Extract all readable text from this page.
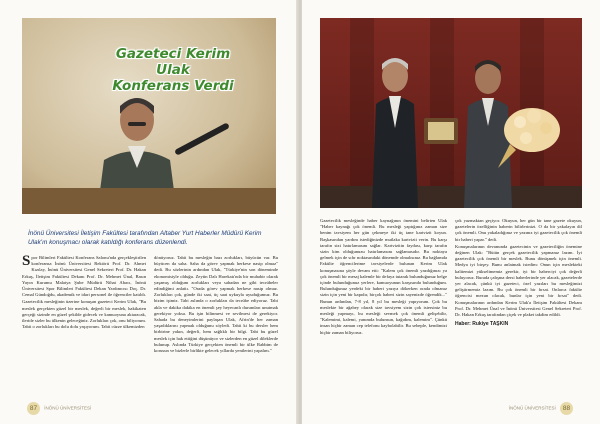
Gazeteci Kerim Ulak
Konferans Verdi

İnönü Üniversitesi İletişim Fakültesi tarafından Altaber Yurt Haberler Müdürü Kerim Ulak'ın konuşmacı olarak katıldığı konferans düzenlendi.

Spor Bilimleri Fakültesi Konferans Salonu'nda gerçekleştirilen konferansa İnönü Üniversitesi Rektörü Prof. Dr. Ahmet Kızılay, İnönü Üniversitesi Genel Sekreteri Prof. Dr. Hakan Erkuş, İletişim Fakültesi Dekanı Prof. Dr. Mehmet Ünal, Basın Yayın Kurumu Malatya Şube Müdürü Nihat Abacı, İnönü Üniversitesi Spor Bilimleri Fakültesi Dekan Yardımcısı Doç. Dr. Cemal Gündoğdu, akademik ve idari personel ile öğrenciler katıldı.

Gazetecilik mesleğinin üzerine konuşan gazeteci Kerim Ulak, "Bu meslek gerçekten güzel bir meslek, değerli bir meslek, hakikaten gerçeği sizinde en güzel şekilde gidecek ve kamuoyuna aktaracak, ileride sizler bu ülkenin geleceğiniz. Zorlukları çok, onu biliyorum. Tabii o zorlukları bu dolu dolu yaşıyorum. Tabii cüzze ülkemizden

dönüyoruz. Tabii bu mesleğin bazı zorlukları, büyücün var. Bu büyücen da saha. Saha da görev yapmak herkese nasip olmaz" dedi. Bu sözlerinin ardından Ulak, "Türkiye'nin son döneminde ekonomisiyle olduğu. Zeytin Dalı Harekatı'nda bir muhabir olarak yaşamış olduğum zorlukları veya sahadan ne gibi tecrübeler edindiğimi anlattı. "Orada görev yapmak herkese nasip olmaz. Zorlukları çok, günde iki saat, üç saat uykuyla uyuduğumuz. Bu bizim işimiz. Tabi aslında o zorlukları da tecrübe ediyoruz. Tabi akla ve dakika dakika en önemli şey heyecanlı durumları unutmak gerekiyor yoksa. Bu işin bilinmesi ve sevilmesi de gerekiyor. Sahada bu deneyimlerini paylaşan Ulak, Afrin'de her zaman yaşadıklarını yapmak olduğunu söyledi. Tabii ki bu dersler hem birbirine yakın, değerli, hem sağlıklı bir bilgi. Tabi bu güzel meslek için hak ettiğini düşünüyor ve sizlerden en güzel dileklerde bulunup. Aslında Türkiye gerçekten önemli bir ülke Rabbim de korusun ve bizlerle birlikte gelecek yıllarda yenilerini yapalım."

87 İNÖNÜ ÜNİVERSİTESİ

Gazetecilik mesleğinde haber kaynağının önemini belirten Ulak "Haber kaynağı çok önemli. Bu mesleği yaptığınız zaman size benim tavsiyem her gün çekmeye iki üç tane kartvizit koyun. Başkasından yardım istediğinizde mutlaka kartvizit verin. Bu karşı tarafın sizi hatırlamasını sağlar. Kartvizitin faydası, karşı tarafın sizin kim olduğunuzu hatırlamasını sağlamasıdır. Bu noktaya gelmek için de sıfır noktasındaki dönemde olmalısınız. Bu bağlamda Fakülte öğrencilerime tavsiyelerde bulunan Kerim Ulak konuşmasına şöyle devam etti: "Kalem çok önemli yazdığınızı ya çok önemli bir mesaj kalemle bir defaya tutarak bulunduğunuz belge içinde bulunduğunuz yerlere, kamuoyunun karşısında bulunduğum. Bulunduğunuz yerdeki bir haberi yazıya dökerken orada olmanız sizin için yeni bir kapıdır, birçok haberi sizin sayenizde öğrendik..." Bunun ardından, 7-8 yıl, 8 yıl bu mesleği yapıyorum. Çok bu meslekte bir ağabey olarak size tavsiyem sizin çok istersiniz bu mesleği yapmayı, bu mesleği sevmek çok önemli gelişebilir, "Kalemimi, kalemi, yanımda bulunsun, kağıdım, kalemim". Çünkü insan hiçbir zaman cep telefonu kaybolabilir. Bu sebeple, kendimizi hiçbir zaman biliyoruz.

çok yazmaktan geçiyor. Okuyun, her gün bir tane gazete okuyun, gazetelerin özelliğinin haberin bilirlerinizi. O da bir yakalayın dil çok önemli. Onu yakaladığınız ve yazınız iyi gazetecilik çok önemli bir haberi yapar." dedi.

Konuşmalarının devamında gazetecinin ve gazeteciliğin önemine değinen Ulak: "Bütün gerçek gazetecilik yapmanız lazım. İyi gazetecilik çok önemli bir meslek. Bunu dönüşmek için önemli. Medya iyi birşey. Bunu anlatmak istedim: Onun için meslekteki kalitemizi yükseltmemiz gerekir, iyi bir haberciyi çok değerli buluyoruz. Burada çalışma dersi haberlerinde yer alacak, gazetelerde yer alacak, çünkü iyi gazeteci, özel yazıları bu mesleğimizi geliştirmemiz lazım. Bu çok önemli bir fırsat. Onlarca fakülte öğrencisi mezun olacak, bunlar için yeni bir fırsat" dedi. Konuşmalarının ardından Kerim Ulak'a İletişim Fakültesi Dekanı Prof. Dr. Mehmet Ünal ve İnönü Üniversitesi Genel Sekreteri Prof. Dr. Hakan Erkuş tarafından çiçek ve plaket takdim edildi.

Haber: Rukiye TAŞKIN

İNÖNÜ ÜNİVERSİTESİ 88
